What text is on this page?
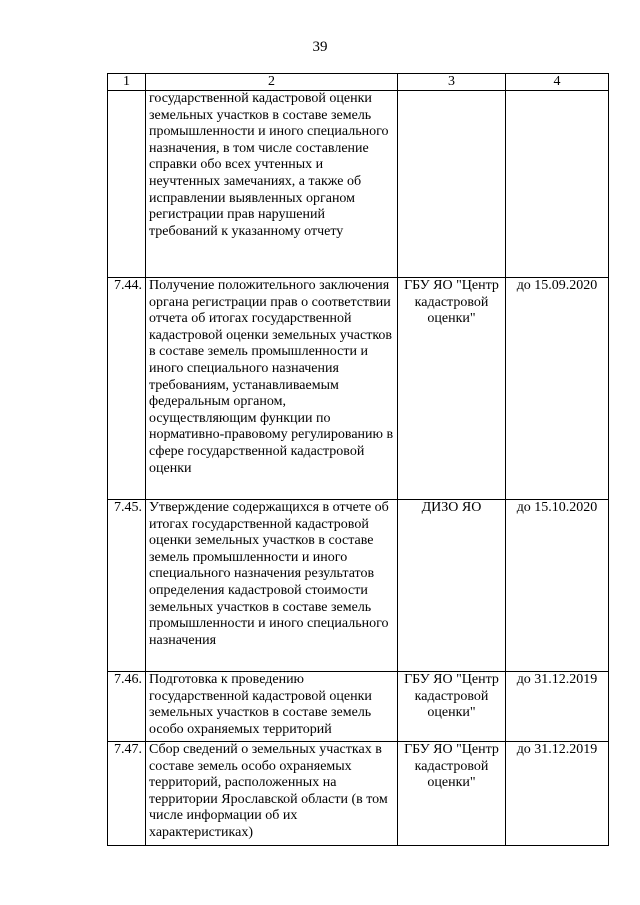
39
1	2	3	4
	государственной кадастровой оценки земельных участков в составе земель промышленности и иного специального назначения, в том числе составление справки обо всех учтенных и неучтенных замечаниях, а также об исправлении выявленных органом регистрации прав нарушений требований к указанному отчету		
7.44.	Получение положительного заключения органа регистрации прав о соответствии отчета об итогах государственной кадастровой оценки земельных участков в составе земель промышленности и иного специального назначения требованиям, устанавливаемым федеральным органом, осуществляющим функции по нормативно-правовому регулированию в сфере государственной кадастровой оценки	ГБУ ЯО "Центр кадастровой оценки"	до 15.09.2020
7.45.	Утверждение содержащихся в отчете об итогах государственной кадастровой оценки земельных участков в составе земель промышленности и иного специального назначения результатов определения кадастровой стоимости земельных участков в составе земель промышленности и иного специального назначения	ДИЗО ЯО	до 15.10.2020
7.46.	Подготовка к проведению государственной кадастровой оценки земельных участков в составе земель особо охраняемых территорий	ГБУ ЯО "Центр кадастровой оценки"	до 31.12.2019
7.47.	Сбор сведений о земельных участках в составе земель особо охраняемых территорий, расположенных на территории Ярославской области (в том числе информации об их характеристиках)	ГБУ ЯО "Центр кадастровой оценки"	до 31.12.2019
